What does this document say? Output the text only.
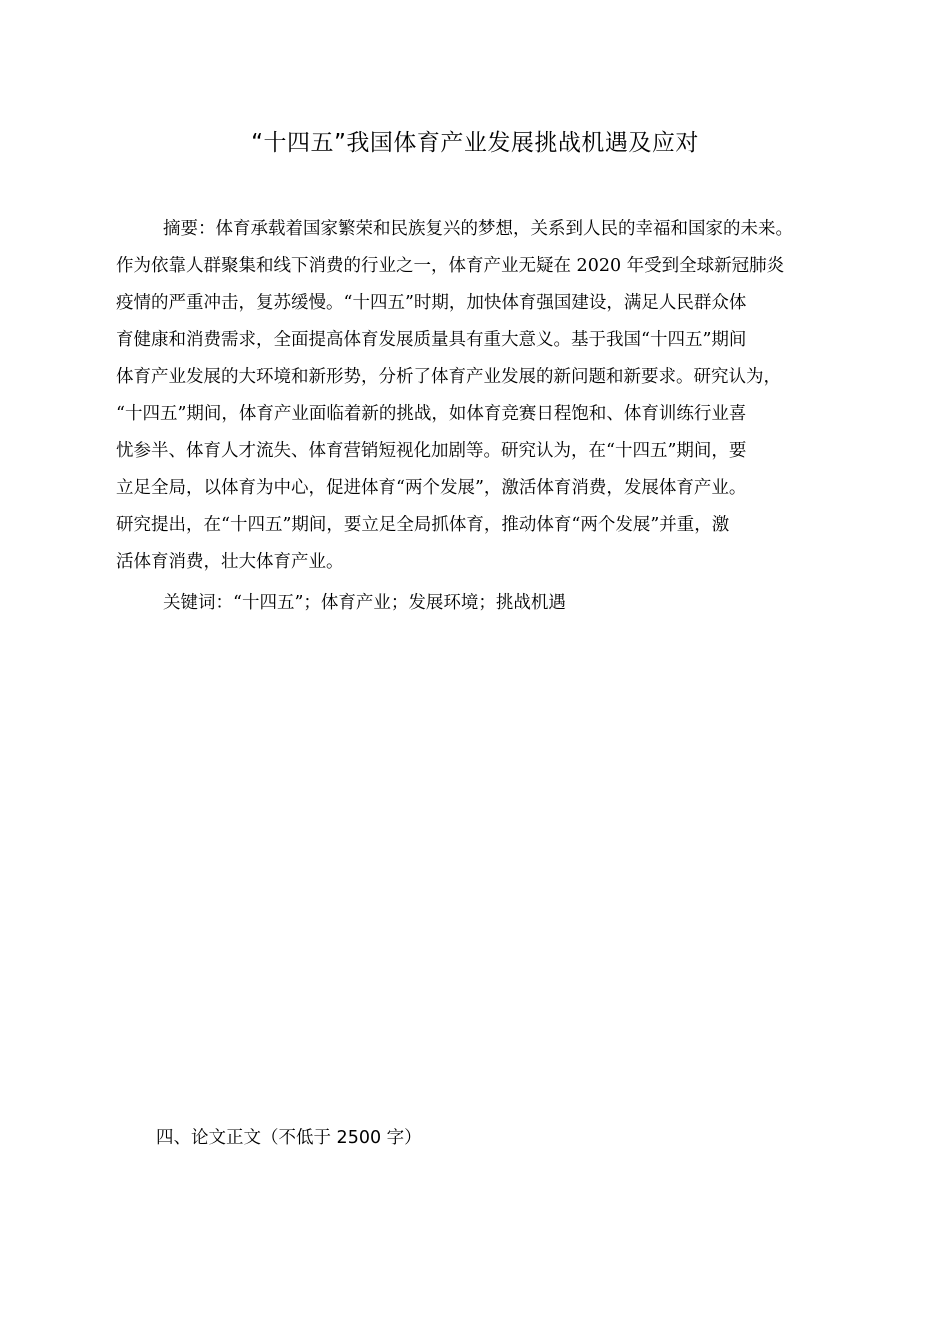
“十四五”我国体育产业发展挑战机遇及应对
摘要：体育承载着国家繁荣和民族复兴的梦想，关系到人民的幸福和国家的未来。
作为依靠人群聚集和线下消费的行业之一，体育产业无疑在 2020 年受到全球新冠肺炎
疫情的严重冲击，复苏缓慢。“十四五”时期，加快体育强国建设，满足人民群众体
育健康和消费需求，全面提高体育发展质量具有重大意义。基于我国“十四五”期间
体育产业发展的大环境和新形势，分析了体育产业发展的新问题和新要求。研究认为，
“十四五”期间，体育产业面临着新的挑战，如体育竞赛日程饱和、体育训练行业喜
忧参半、体育人才流失、体育营销短视化加剧等。研究认为，在“十四五”期间，要
立足全局，以体育为中心，促进体育“两个发展”，激活体育消费，发展体育产业。
研究提出，在“十四五”期间，要立足全局抓体育，推动体育“两个发展”并重，激
活体育消费，壮大体育产业。
关键词：“十四五”；体育产业；发展环境；挑战机遇
四、论文正文（不低于 2500 字）
